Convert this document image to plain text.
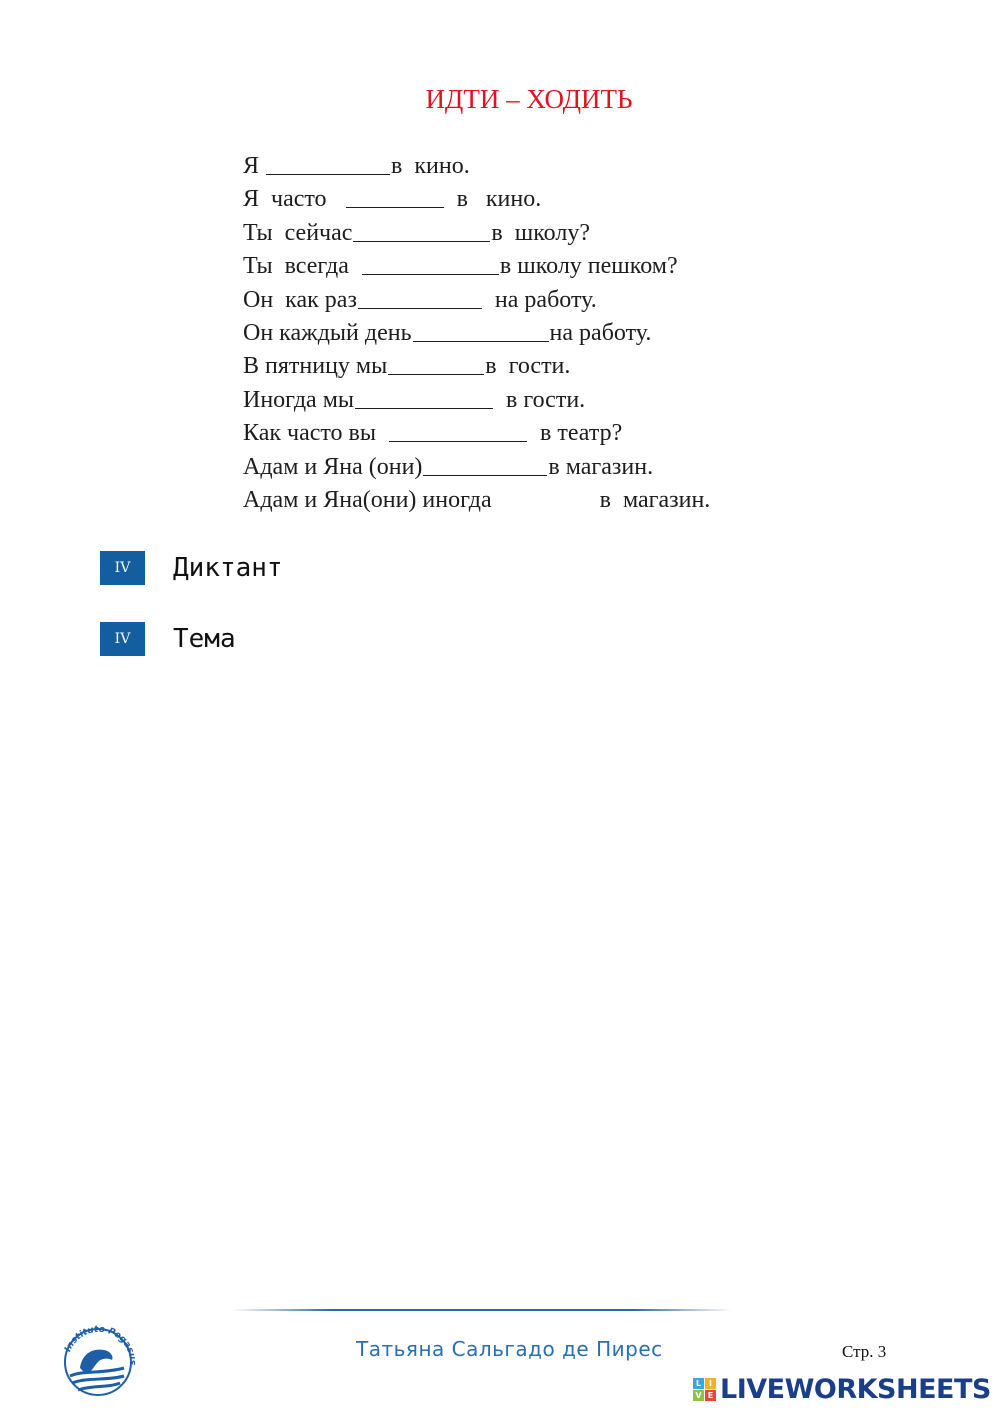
ИДТИ – ХОДИТЬ
Я	в  кино.
Я  часто	в   кино.
Ты  сейчас	в  школу?
Ты  всегда	в школу пешком?
Он  как раз	на работу.
Он каждый день	на работу.
В пятницу мы	в  гости.
Иногда мы	в гости.
Как часто вы	в театр?
Адам и Яна (они)	в магазин.
Адам и Яна(они) иногда	в  магазин.
IV	Диктант
IV	Тема
Instituto Pegasus
Татьяна Сальгадо де Пирес	Стр. 3
L I
V E LIVEWORKSHEETS
